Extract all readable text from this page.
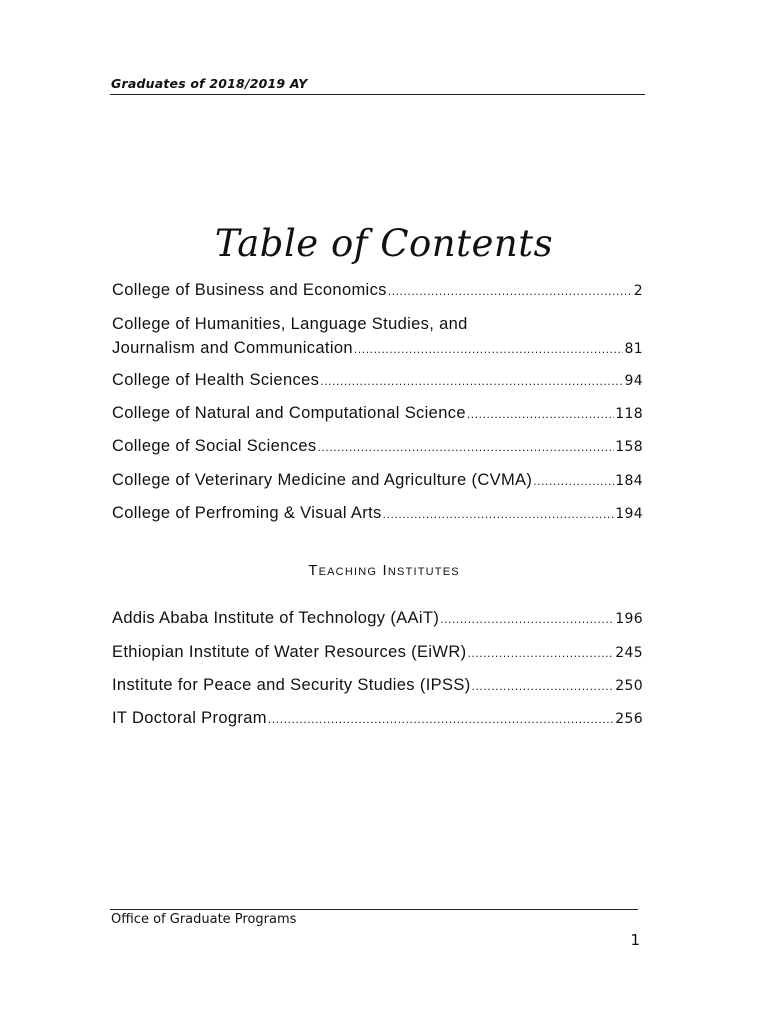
Graduates of 2018/2019 AY
Table of Contents
College of Business and Economics .....	2
College of Humanities, Language Studies, and
Journalism and Communication .....	81
College of Health Sciences .....	94
College of Natural and Computational Science .....	118
College of Social Sciences .....	158
College of Veterinary Medicine and Agriculture (CVMA) .....	184
College of Perfroming & Visual Arts .....	194
Addis Ababa Institute of Technology (AAiT) .....	196
Ethiopian Institute of Water Resources (EiWR) .....	245
Institute for Peace and Security Studies (IPSS) .....	250
IT Doctoral Program .....	256
Teaching Institutes
Office of Graduate Programs
1
